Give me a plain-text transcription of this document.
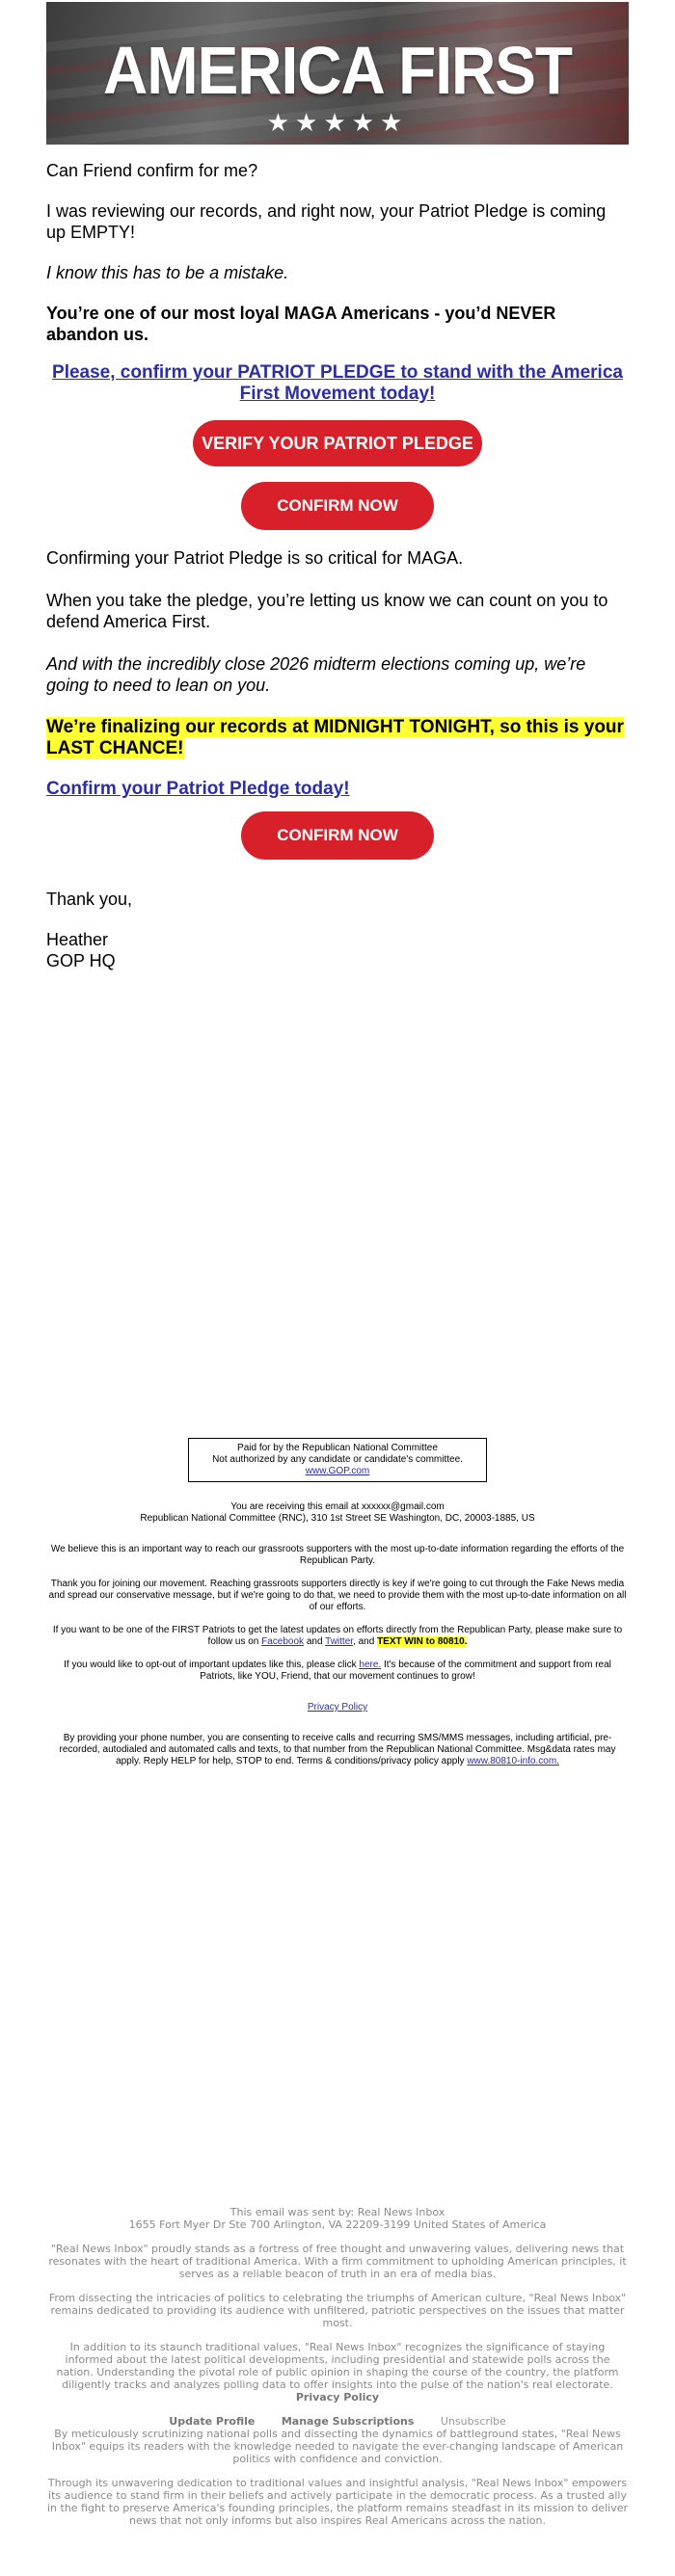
AMERICA FIRST
★★★★★

Can Friend confirm for me?

I was reviewing our records, and right now, your Patriot Pledge is coming up EMPTY!

I know this has to be a mistake.

You’re one of our most loyal MAGA Americans - you’d NEVER abandon us.

Please, confirm your PATRIOT PLEDGE to stand with the America First Movement today!

VERIFY YOUR PATRIOT PLEDGE
CONFIRM NOW

Confirming your Patriot Pledge is so critical for MAGA.

When you take the pledge, you’re letting us know we can count on you to defend America First.

And with the incredibly close 2026 midterm elections coming up, we’re going to need to lean on you.

We’re finalizing our records at MIDNIGHT TONIGHT, so this is your LAST CHANCE!

Confirm your Patriot Pledge today!

CONFIRM NOW

Thank you,

Heather

GOP HQ

Paid for by the Republican National Committee
Not authorized by any candidate or candidate's committee.
www.GOP.com

You are receiving this email at xxxxxx@gmail.com

Republican National Committee (RNC), 310 1st Street SE Washington, DC, 20003-1885, US

We believe this is an important way to reach our grassroots supporters with the most up-to-date information regarding the efforts of the Republican Party.

Thank you for joining our movement. Reaching grassroots supporters directly is key if we're going to cut through the Fake News media and spread our conservative message, but if we're going to do that, we need to provide them with the most up-to-date information on all of our efforts.

If you want to be one of the FIRST Patriots to get the latest updates on efforts directly from the Republican Party, please make sure to follow us on Facebook and Twitter, and TEXT WIN to 80810.

If you would like to opt-out of important updates like this, please click here. It's because of the commitment and support from real Patriots, like YOU, Friend, that our movement continues to grow!

Privacy Policy

By providing your phone number, you are consenting to receive calls and recurring SMS/MMS messages, including artificial, pre-recorded, autodialed and automated calls and texts, to that number from the Republican National Committee. Msg&data rates may apply. Reply HELP for help, STOP to end. Terms & conditions/privacy policy apply www.80810-info.com.

This email was sent by: Real News Inbox

1655 Fort Myer Dr Ste 700 Arlington, VA 22209-3199 United States of America

"Real News Inbox" proudly stands as a fortress of free thought and unwavering values, delivering news that resonates with the heart of traditional America. With a firm commitment to upholding American principles, it serves as a reliable beacon of truth in an era of media bias.

From dissecting the intricacies of politics to celebrating the triumphs of American culture, "Real News Inbox" remains dedicated to providing its audience with unfiltered, patriotic perspectives on the issues that matter most.

In addition to its staunch traditional values, "Real News Inbox" recognizes the significance of staying informed about the latest political developments, including presidential and statewide polls across the nation. Understanding the pivotal role of public opinion in shaping the course of the country, the platform diligently tracks and analyzes polling data to offer insights into the pulse of the nation's real electorate.

Privacy Policy

Update Profile	Manage Subscriptions	Unsubscribe

By meticulously scrutinizing national polls and dissecting the dynamics of battleground states, "Real News Inbox" equips its readers with the knowledge needed to navigate the ever-changing landscape of American politics with confidence and conviction.

Through its unwavering dedication to traditional values and insightful analysis, "Real News Inbox" empowers its audience to stand firm in their beliefs and actively participate in the democratic process. As a trusted ally in the fight to preserve America's founding principles, the platform remains steadfast in its mission to deliver news that not only informs but also inspires Real Americans across the nation.
